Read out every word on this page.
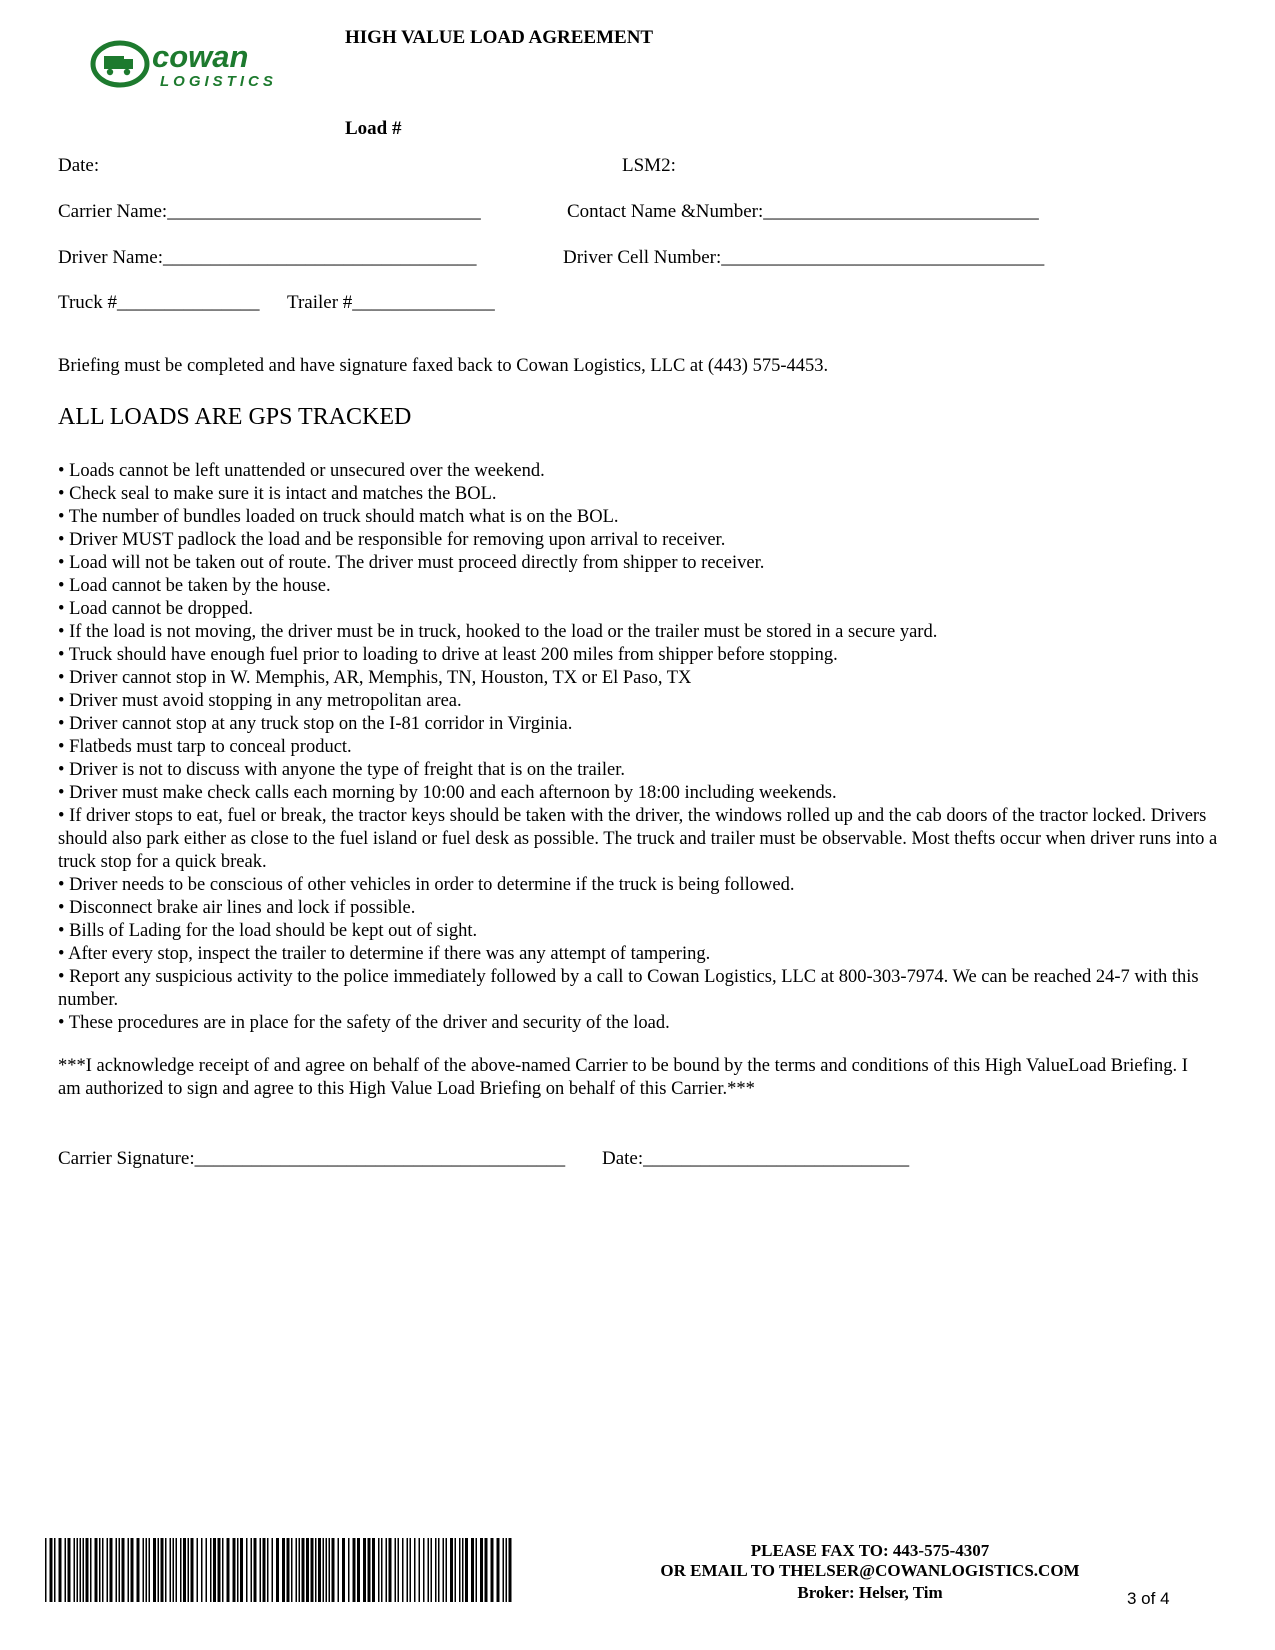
cowan
LOGISTICS
HIGH VALUE LOAD AGREEMENT
Load #
Date:	LSM2:
Carrier Name:_________________________________	Contact Name &Number:_____________________________
Driver Name:_________________________________	Driver Cell Number:__________________________________
Truck #_______________ Trailer #_______________
Briefing must be completed and have signature faxed back to Cowan Logistics, LLC at (443) 575-4453.
ALL LOADS ARE GPS TRACKED

• Loads cannot be left unattended or unsecured over the weekend.

• Check seal to make sure it is intact and matches the BOL.

• The number of bundles loaded on truck should match what is on the BOL.

• Driver MUST padlock the load and be responsible for removing upon arrival to receiver.

• Load will not be taken out of route. The driver must proceed directly from shipper to receiver.

• Load cannot be taken by the house.

• Load cannot be dropped.

• If the load is not moving, the driver must be in truck, hooked to the load or the trailer must be stored in a secure yard.

• Truck should have enough fuel prior to loading to drive at least 200 miles from shipper before stopping.

• Driver cannot stop in W. Memphis, AR, Memphis, TN, Houston, TX or El Paso, TX

• Driver must avoid stopping in any metropolitan area.

• Driver cannot stop at any truck stop on the I-81 corridor in Virginia.

• Flatbeds must tarp to conceal product.

• Driver is not to discuss with anyone the type of freight that is on the trailer.

• Driver must make check calls each morning by 10:00 and each afternoon by 18:00 including weekends.

• If driver stops to eat, fuel or break, the tractor keys should be taken with the driver, the windows rolled up and the cab doors of the tractor locked. Drivers should also park either as close to the fuel island or fuel desk as possible. The truck and trailer must be observable. Most thefts occur when driver runs into a truck stop for a quick break.

• Driver needs to be conscious of other vehicles in order to determine if the truck is being followed.

• Disconnect brake air lines and lock if possible.

• Bills of Lading for the load should be kept out of sight.

• After every stop, inspect the trailer to determine if there was any attempt of tampering.

• Report any suspicious activity to the police immediately followed by a call to Cowan Logistics, LLC at 800-303-7974. We can be reached 24-7 with this number.

• These procedures are in place for the safety of the driver and security of the load.

***I acknowledge receipt of and agree on behalf of the above-named Carrier to be bound by the terms and conditions of this High ValueLoad Briefing. I am authorized to sign and agree to this High Value Load Briefing on behalf of this Carrier.***
Carrier Signature:_______________________________________ Date:____________________________
PLEASE FAX TO: 443-575-4307
OR EMAIL TO THELSER@COWANLOGISTICS.COM
Broker: Helser, Tim	3 of 4
